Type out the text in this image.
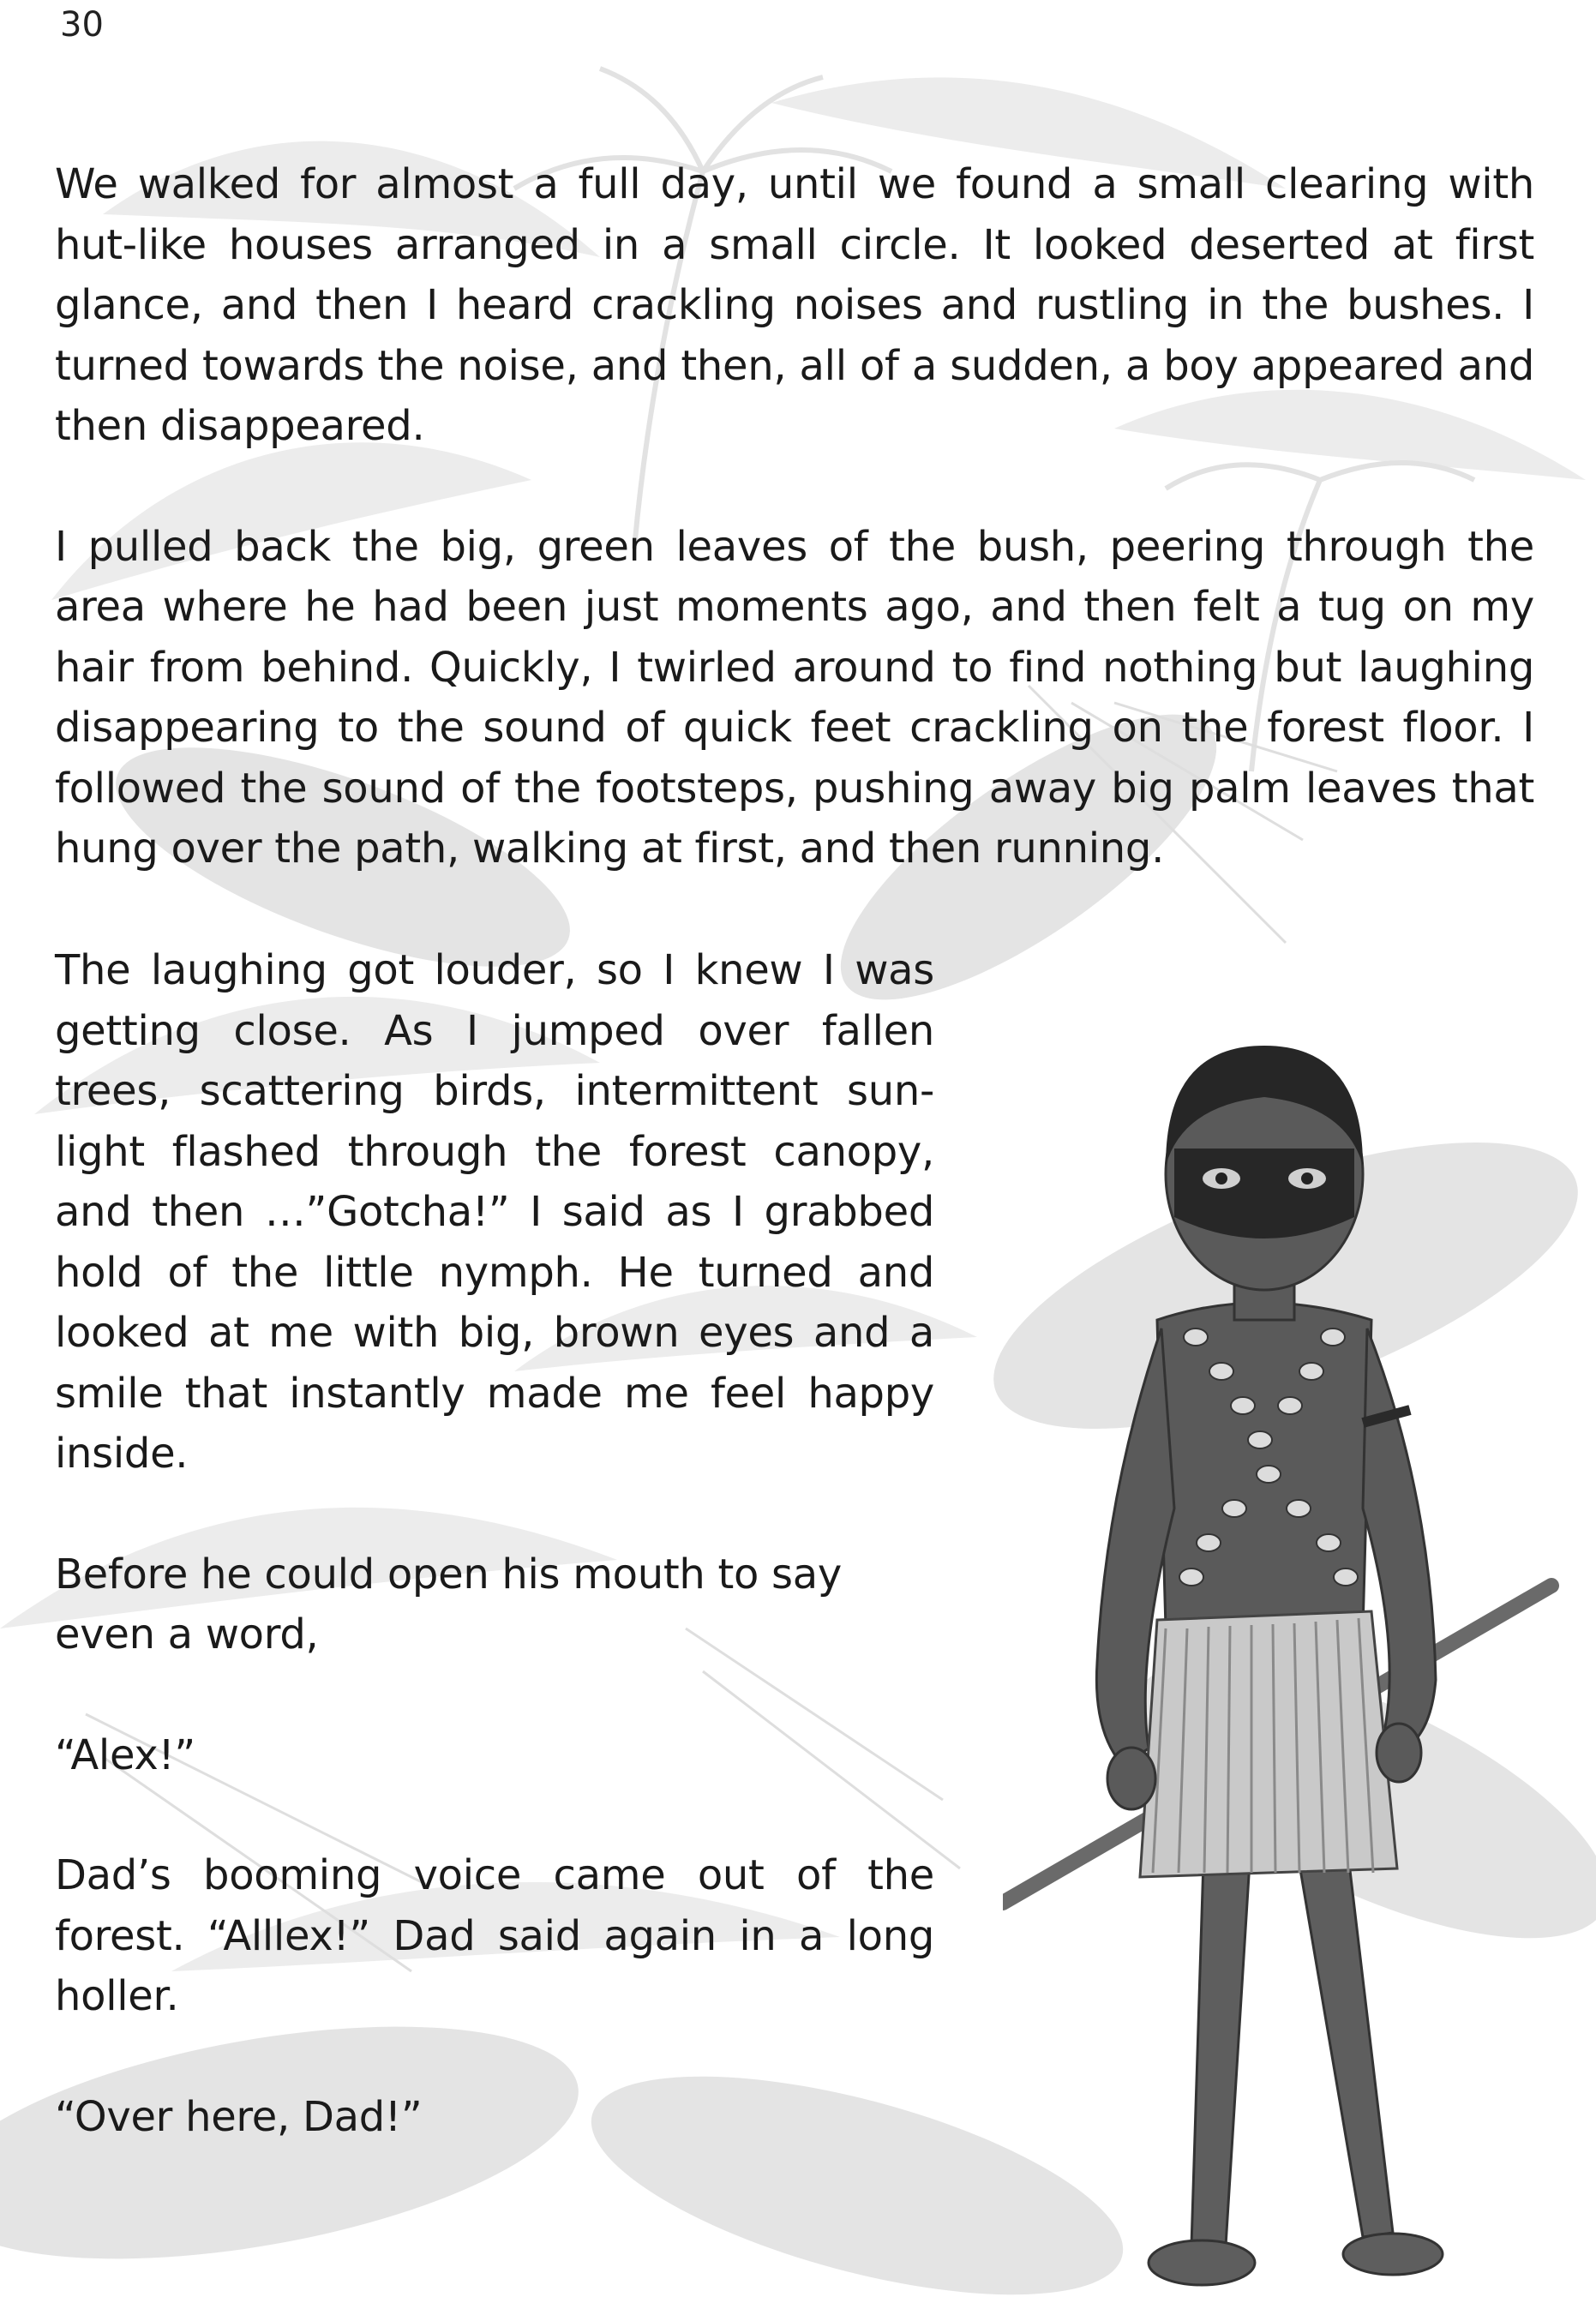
30

We walked for almost a full day, until we found a small clearing with hut-like houses arranged in a small circle. It looked deserted at first glance, and then I heard crackling noises and rustling in the bushes. I turned towards the noise, and then, all of a sudden, a boy appeared and then disappeared.

I pulled back the big, green leaves of the bush, peering through the area where he had been just moments ago, and then felt a tug on my hair from behind. Quickly, I twirled around to find nothing but laughing disappearing to the sound of quick feet crackling on the forest floor. I followed the sound of the footsteps, pushing away big palm leaves that hung over the path, walking at first, and then running.

The laughing got louder, so I knew I was getting close. As I jumped over fallen trees, scattering birds, intermittent sun-light flashed through the forest canopy, and then …”Gotcha!” I said as I grabbed hold of the little nymph. He turned and looked at me with big, brown eyes and a smile that instantly made me feel happy inside.

Before he could open his mouth to say even a word,

“Alex!”

Dad’s booming voice came out of the forest. “Alllex!” Dad said again in a long holler.

“Over here, Dad!”
